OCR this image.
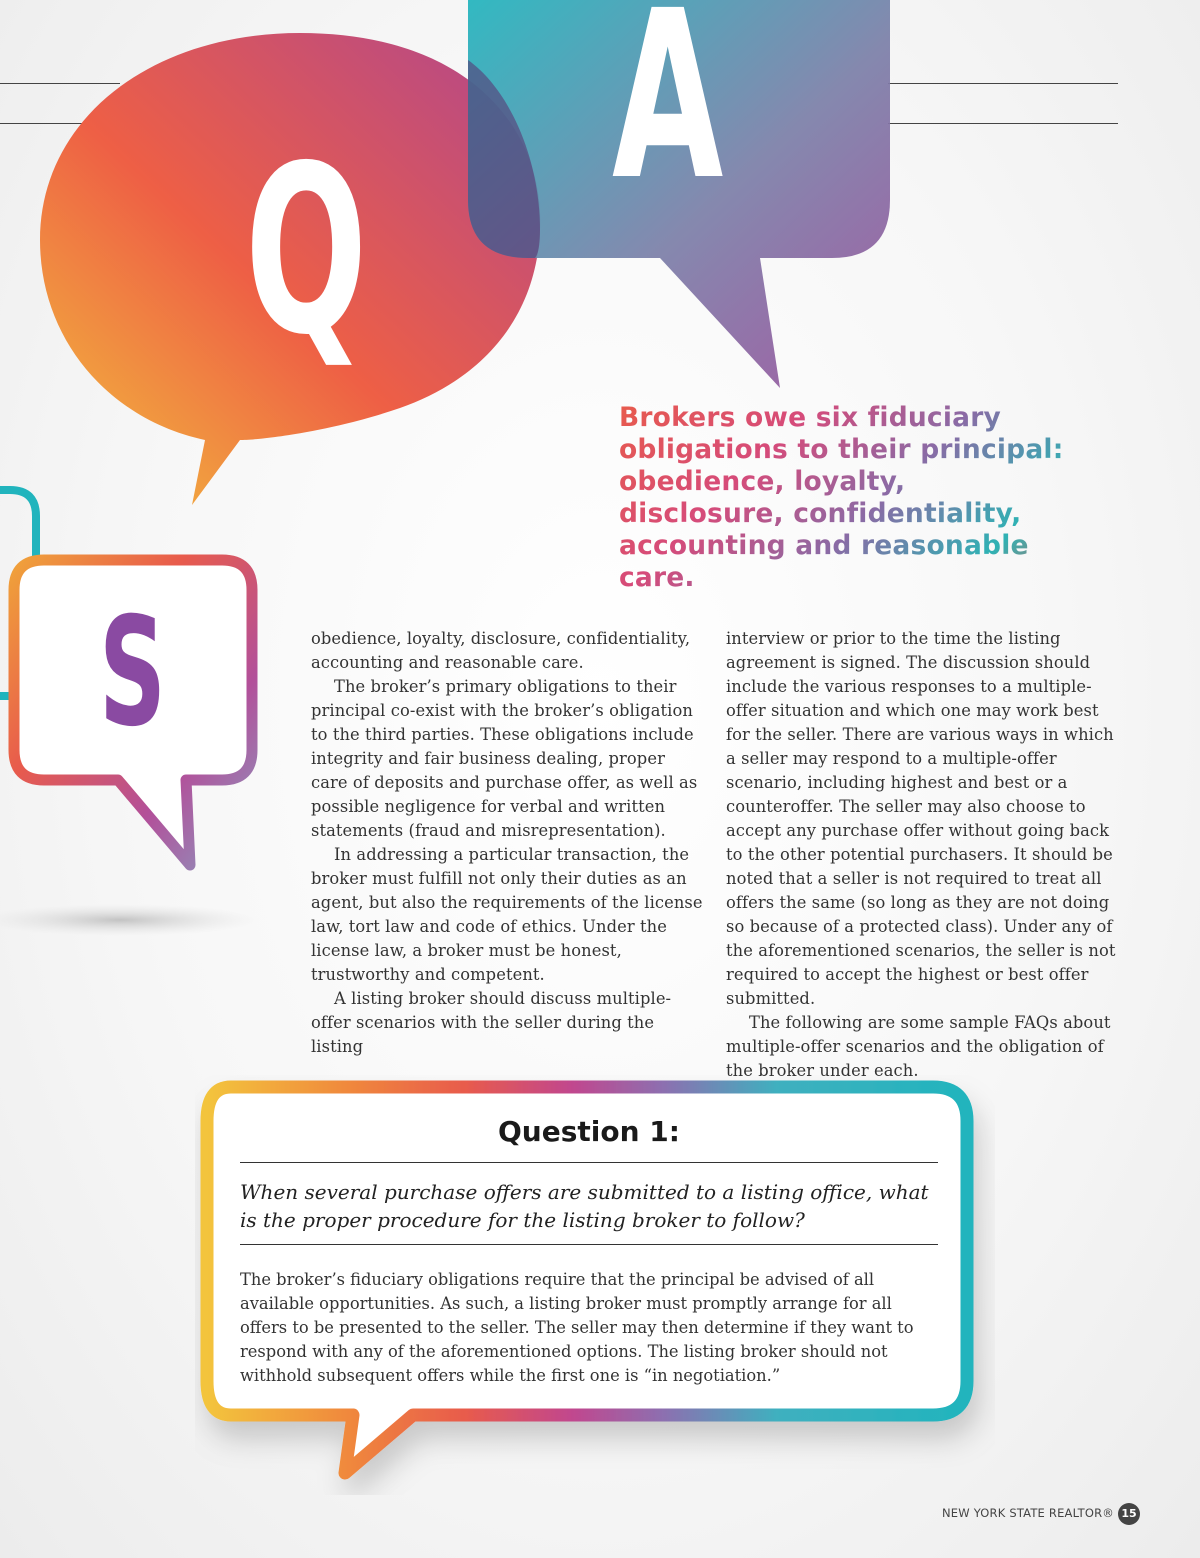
Q
A
S
Brokers owe six fiduciary obligations to their principal: obedience, loyalty, disclosure, confidentiality, accounting and reasonable care.

obedience, loyalty, disclosure, confidentiality, accounting and reasonable care.

The broker’s primary obligations to their principal co-exist with the broker’s obligation to the third parties. These obligations include integrity and fair business dealing, proper care of deposits and purchase offer, as well as possible negligence for verbal and written statements (fraud and misrepresentation).

In addressing a particular transaction, the broker must fulfill not only their duties as an agent, but also the requirements of the license law, tort law and code of ethics. Under the license law, a broker must be honest, trustworthy and competent.

A listing broker should discuss multiple-offer scenarios with the seller during the listing

interview or prior to the time the listing agreement is signed. The discussion should include the various responses to a multiple-offer situation and which one may work best for the seller. There are various ways in which a seller may respond to a multiple-offer scenario, including highest and best or a counteroffer. The seller may also choose to accept any purchase offer without going back to the other potential purchasers. It should be noted that a seller is not required to treat all offers the same (so long as they are not doing so because of a protected class). Under any of the aforementioned scenarios, the seller is not required to accept the highest or best offer submitted.

The following are some sample FAQs about multiple-offer scenarios and the obligation of the broker under each.

Question 1:
When several purchase offers are submitted to a listing office, what is the proper procedure for the listing broker to follow?
The broker’s fiduciary obligations require that the principal be advised of all available opportunities. As such, a listing broker must promptly arrange for all offers to be presented to the seller. The seller may then determine if they want to respond with any of the aforementioned options. The listing broker should not withhold subsequent offers while the first one is “in negotiation.”
NEW YORK STATE REALTOR® 15
